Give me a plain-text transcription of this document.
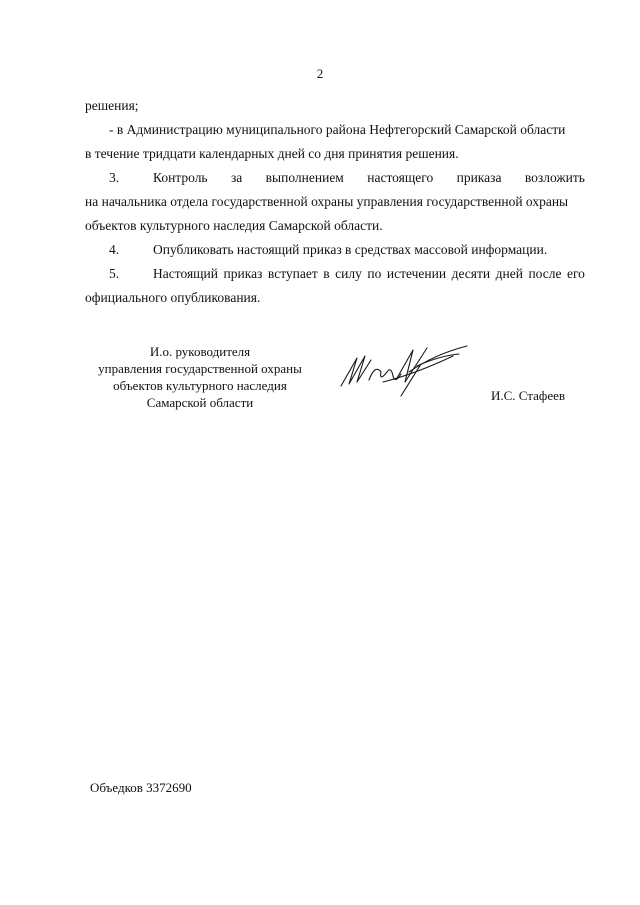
2
решения;
- в Администрацию муниципального района Нефтегорский Самарской области
в течение тридцати календарных дней со дня принятия решения.
3.	Контроль за выполнением настоящего приказа возложить
на начальника отдела государственной охраны управления государственной охраны
объектов культурного наследия Самарской области.
4.	Опубликовать настоящий приказ в средствах массовой информации.
5.	Настоящий приказ вступает в силу по истечении десяти дней после его
официального опубликования.
И.о. руководителя
управления государственной охраны
объектов культурного наследия
Самарской области	И.С. Стафеев
Объедков 3372690
